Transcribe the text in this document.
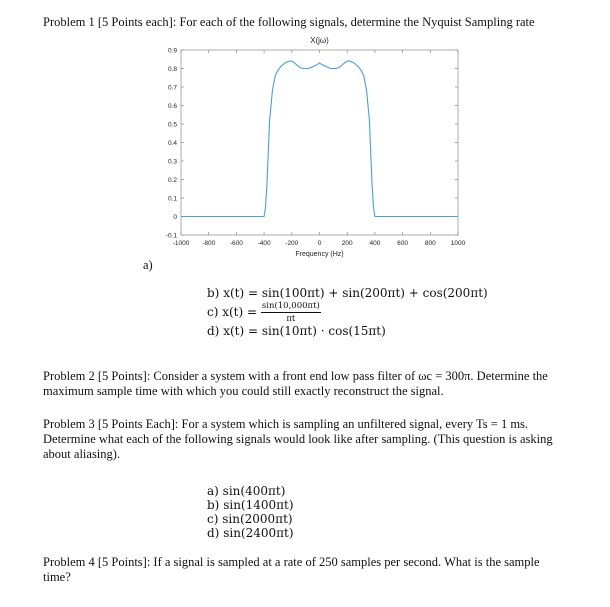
Problem 1 [5 Points each]: For each of the following signals, determine the Nyquist Sampling rate
-0.1
0
0.1
0.2
0.3
0.4
0.5
0.6
0.7
0.8
0.9
-1000 -800 -600 -400 -200	0	200	400	600	800 1000
X(jω)
Frequency (Hz)
a)
b) x(t) = sin(100πt) + sin(200πt) + cos(200πt)
c) $x(t) = \frac{\sin(10,000\pi t)}{\pi t}$
d) x(t) = sin(10πt) · cos(15πt)
Problem 2 [5 Points]: Consider a system with a front end low pass filter of ωc = 300π. Determine the maximum sample time with which you could still exactly reconstruct the signal.
Problem 3 [5 Points Each]: For a system which is sampling an unfiltered signal, every Ts = 1 ms. Determine what each of the following signals would look like after sampling. (This question is asking about aliasing).
a) sin(400πt)
b) sin(1400πt)
c) sin(2000πt)
d) sin(2400πt)
Problem 4 [5 Points]: If a signal is sampled at a rate of 250 samples per second. What is the sample time?
